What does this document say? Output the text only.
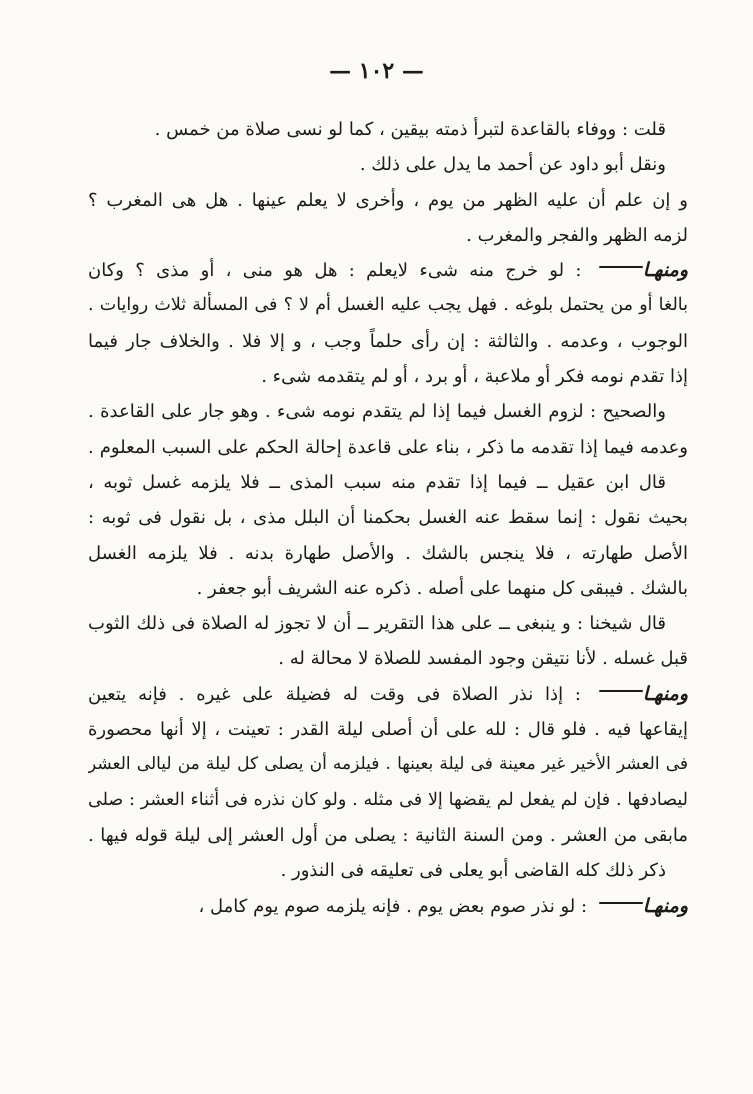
— ١٠٢ —
قلت : ووفاء بالقاعدة لتبرأ ذمته بيقين ، كما لو نسى صلاة من خمس .
ونقل أبو داود عن أحمد ما يدل على ذلك .
و إن علم أن عليه الظهر من يوم ، وأخرى لا يعلم عينها . هل هى المغرب ؟
لزمه الظهر والفجر والمغرب .
ومنهـا : لو خرج منه شىء لايعلم : هل هو منى ، أو مذى ؟ وكان
بالغا أو من يحتمل بلوغه . فهل يجب عليه الغسل أم لا ؟ فى المسألة ثلاث روايات .
الوجوب ، وعدمه . والثالثة : إن رأى حلماً وجب ، و إلا فلا . والخلاف جار فيما
إذا تقدم نومه فكر أو ملاعبة ، أو برد ، أو لم يتقدمه شىء .
والصحيح : لزوم الغسل فيما إذا لم يتقدم نومه شىء . وهو جار على القاعدة .
وعدمه فيما إذا تقدمه ما ذكر ، بناء على قاعدة إحالة الحكم على السبب المعلوم .
قال ابن عقيل ــ فيما إذا تقدم منه سبب المذى ــ فلا يلزمه غسل ثوبه ،
بحيث نقول : إنما سقط عنه الغسل بحكمنا أن البلل مذى ، بل نقول فى ثوبه :
الأصل طهارته ، فلا ينجس بالشك . والأصل طهارة بدنه . فلا يلزمه الغسل
بالشك . فيبقى كل منهما على أصله . ذكره عنه الشريف أبو جعفر .
قال شيخنا : و ينبغى ــ على هذا التقرير ــ أن لا تجوز له الصلاة فى ذلك الثوب
قبل غسله . لأنا نتيقن وجود المفسد للصلاة لا محالة له .
ومنهـا : إذا نذر الصلاة فى وقت له فضيلة على غيره . فإنه يتعين
إيقاعها فيه . فلو قال : لله على أن أصلى ليلة القدر : تعينت ، إلا أنها محصورة
فى العشر الأخير غير معينة فى ليلة بعينها . فيلزمه أن يصلى كل ليلة من ليالى العشر
ليصادفها . فإن لم يفعل لم يقضها إلا فى مثله . ولو كان نذره فى أثناء العشر : صلى
مابقى من العشر . ومن السنة الثانية : يصلى من أول العشر إلى ليلة قوله فيها .
ذكر ذلك كله القاضى أبو يعلى فى تعليقه فى النذور .
ومنهـا : لو نذر صوم بعض يوم . فإنه يلزمه صوم يوم كامل ،
